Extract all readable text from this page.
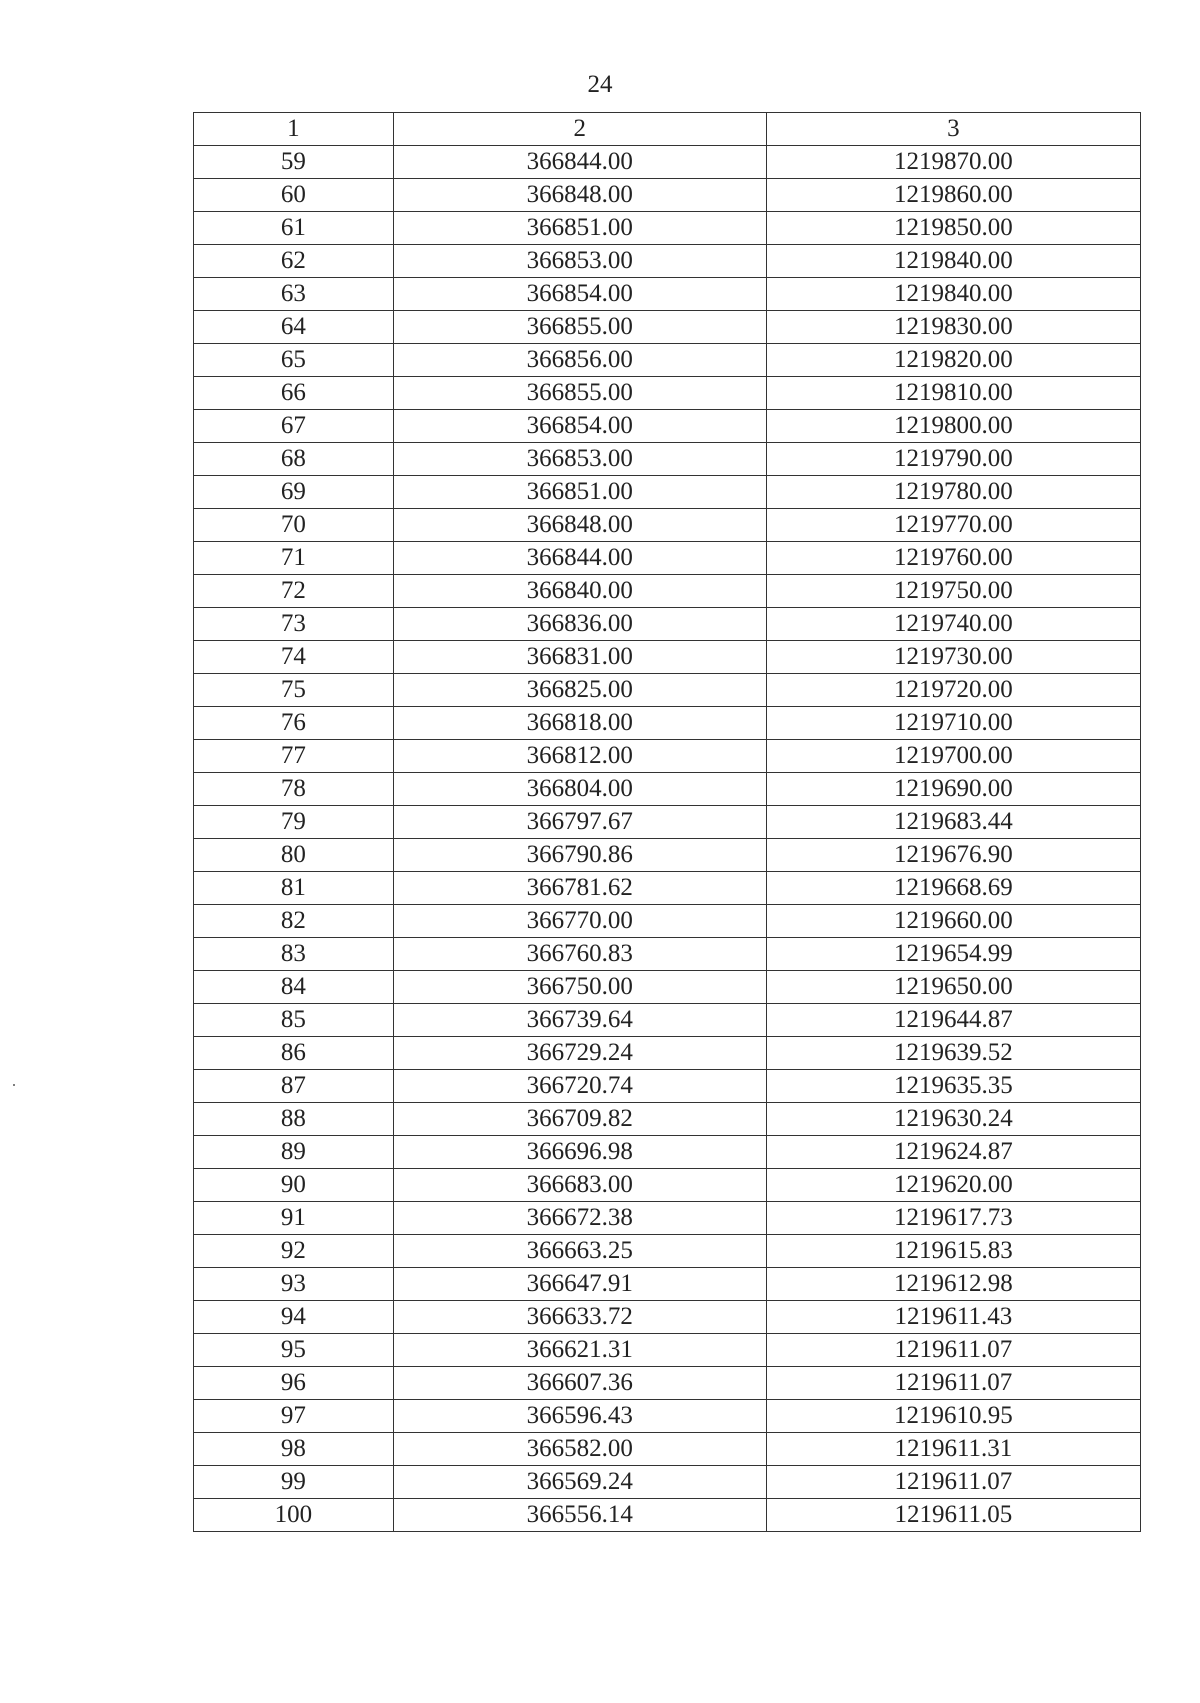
24
1	2	3
59	366844.00	1219870.00
60	366848.00	1219860.00
61	366851.00	1219850.00
62	366853.00	1219840.00
63	366854.00	1219840.00
64	366855.00	1219830.00
65	366856.00	1219820.00
66	366855.00	1219810.00
67	366854.00	1219800.00
68	366853.00	1219790.00
69	366851.00	1219780.00
70	366848.00	1219770.00
71	366844.00	1219760.00
72	366840.00	1219750.00
73	366836.00	1219740.00
74	366831.00	1219730.00
75	366825.00	1219720.00
76	366818.00	1219710.00
77	366812.00	1219700.00
78	366804.00	1219690.00
79	366797.67	1219683.44
80	366790.86	1219676.90
81	366781.62	1219668.69
82	366770.00	1219660.00
83	366760.83	1219654.99
84	366750.00	1219650.00
85	366739.64	1219644.87
86	366729.24	1219639.52
87	366720.74	1219635.35
88	366709.82	1219630.24
89	366696.98	1219624.87
90	366683.00	1219620.00
91	366672.38	1219617.73
92	366663.25	1219615.83
93	366647.91	1219612.98
94	366633.72	1219611.43
95	366621.31	1219611.07
96	366607.36	1219611.07
97	366596.43	1219610.95
98	366582.00	1219611.31
99	366569.24	1219611.07
100	366556.14	1219611.05
